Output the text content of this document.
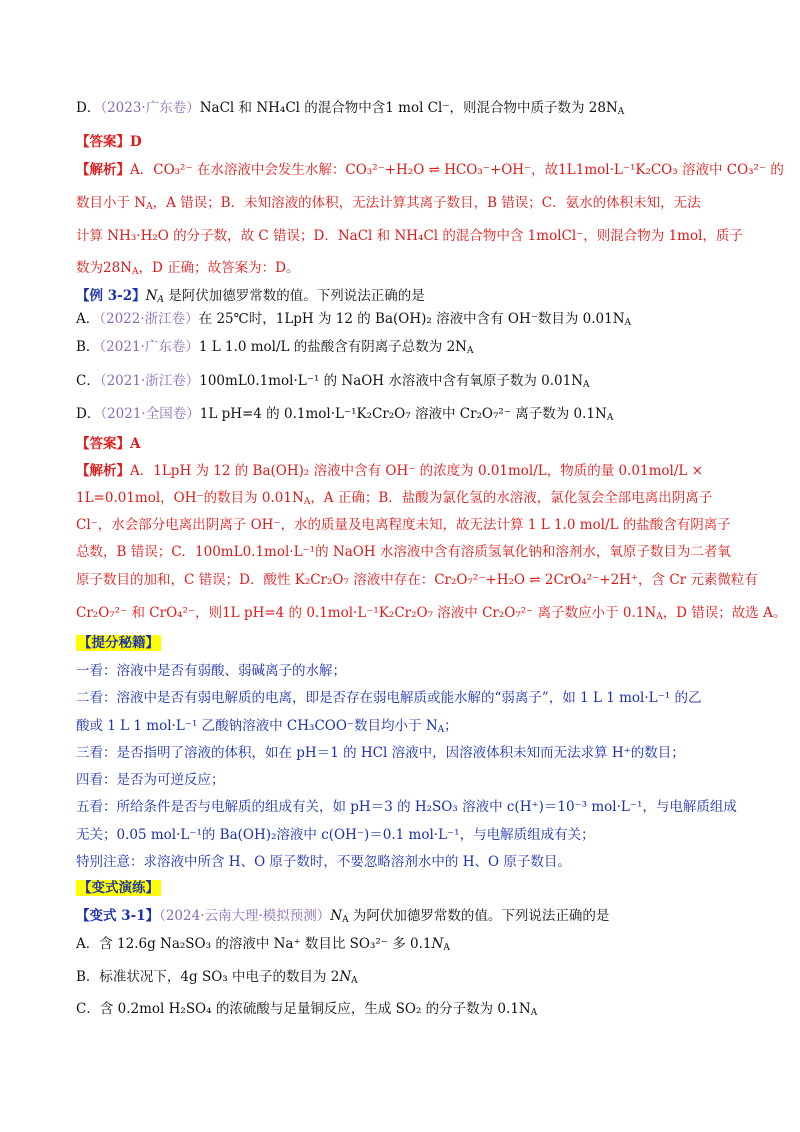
D．（2023·广东卷）NaCl 和 NH₄Cl 的混合物中含1 mol Cl⁻，则混合物中质子数为 $28N_A$
【答案】D
【解析】A．CO₃²⁻ 在水溶液中会发生水解：CO₃²⁻+H₂O ⇌ HCO₃⁻+OH⁻，故1L1mol·L⁻¹K₂CO₃ 溶液中 CO₃²⁻ 的
数目小于 $N_A$，A 错误；B．未知溶液的体积，无法计算其离子数目，B 错误；C．氨水的体积未知，无法
计算 NH₃·H₂O 的分子数，故 C 错误；D．NaCl 和 NH₄Cl 的混合物中含 1molCl⁻，则混合物为 1mol，质子
数为$28N_A$，D 正确；故答案为：D。
【例 3-2】$N_A$ 是阿伏加德罗常数的值。下列说法正确的是
A．（2022·浙江卷）在 25℃时，1LpH 为 12 的 Ba(OH)₂ 溶液中含有 OH⁻数目为 $0.01N_A$
B．（2021·广东卷）1 L 1.0 mol/L 的盐酸含有阴离子总数为 $2N_A$
C．（2021·浙江卷）100mL0.1mol·L⁻¹ 的 NaOH 水溶液中含有氧原子数为 $0.01N_A$
D．（2021·全国卷）1L pH=4 的 0.1mol·L⁻¹K₂Cr₂O₇ 溶液中 Cr₂O₇²⁻ 离子数为 $0.1N_A$
【答案】A
【解析】A．1LpH 为 12 的 Ba(OH)₂ 溶液中含有 OH⁻ 的浓度为 0.01mol/L，物质的量 0.01mol/L ×
1L=0.01mol，OH⁻的数目为 $0.01N_A$，A 正确；B．盐酸为氯化氢的水溶液，氯化氢会全部电离出阴离子
Cl⁻，水会部分电离出阴离子 OH⁻，水的质量及电离程度未知，故无法计算 1 L 1.0 mol/L 的盐酸含有阴离子
总数，B 错误；C．100mL0.1mol·L⁻¹的 NaOH 水溶液中含有溶质氢氧化钠和溶剂水，氧原子数目为二者氧
原子数目的加和，C 错误；D．酸性 K₂Cr₂O₇ 溶液中存在：Cr₂O₇²⁻+H₂O ⇌ 2CrO₄²⁻+2H⁺，含 Cr 元素微粒有
Cr₂O₇²⁻ 和 CrO₄²⁻，则1L pH=4 的 0.1mol·L⁻¹K₂Cr₂O₇ 溶液中 Cr₂O₇²⁻ 离子数应小于 $0.1N_A$，D 错误；故选 A。
【提分秘籍】
一看：溶液中是否有弱酸、弱碱离子的水解；
二看：溶液中是否有弱电解质的电离，即是否存在弱电解质或能水解的“弱离子”，如 1 L 1 mol·L⁻¹ 的乙
酸或 1 L 1 mol·L⁻¹ 乙酸钠溶液中 CH₃COO⁻数目均小于 $N_A$；
三看：是否指明了溶液的体积，如在 pH＝1 的 HCl 溶液中，因溶液体积未知而无法求算 H⁺的数目；
四看：是否为可逆反应；
五看：所给条件是否与电解质的组成有关，如 pH＝3 的 H₂SO₃ 溶液中 c(H⁺)＝10⁻³ mol·L⁻¹，与电解质组成
无关；0.05 mol·L⁻¹的 Ba(OH)₂溶液中 c(OH⁻)＝0.1 mol·L⁻¹，与电解质组成有关；
特别注意：求溶液中所含 H、O 原子数时，不要忽略溶剂水中的 H、O 原子数目。
【变式演练】
【变式 3-1】（2024·云南大理·模拟预测）$N_A$ 为阿伏加德罗常数的值。下列说法正确的是
A．含 12.6g Na₂SO₃ 的溶液中 Na⁺ 数目比 SO₃²⁻ 多 $0.1N_A$
B．标准状况下，4g SO₃ 中电子的数目为 $2N_A$
C．含 0.2mol H₂SO₄ 的浓硫酸与足量铜反应，生成 SO₂ 的分子数为 $0.1N_A$
